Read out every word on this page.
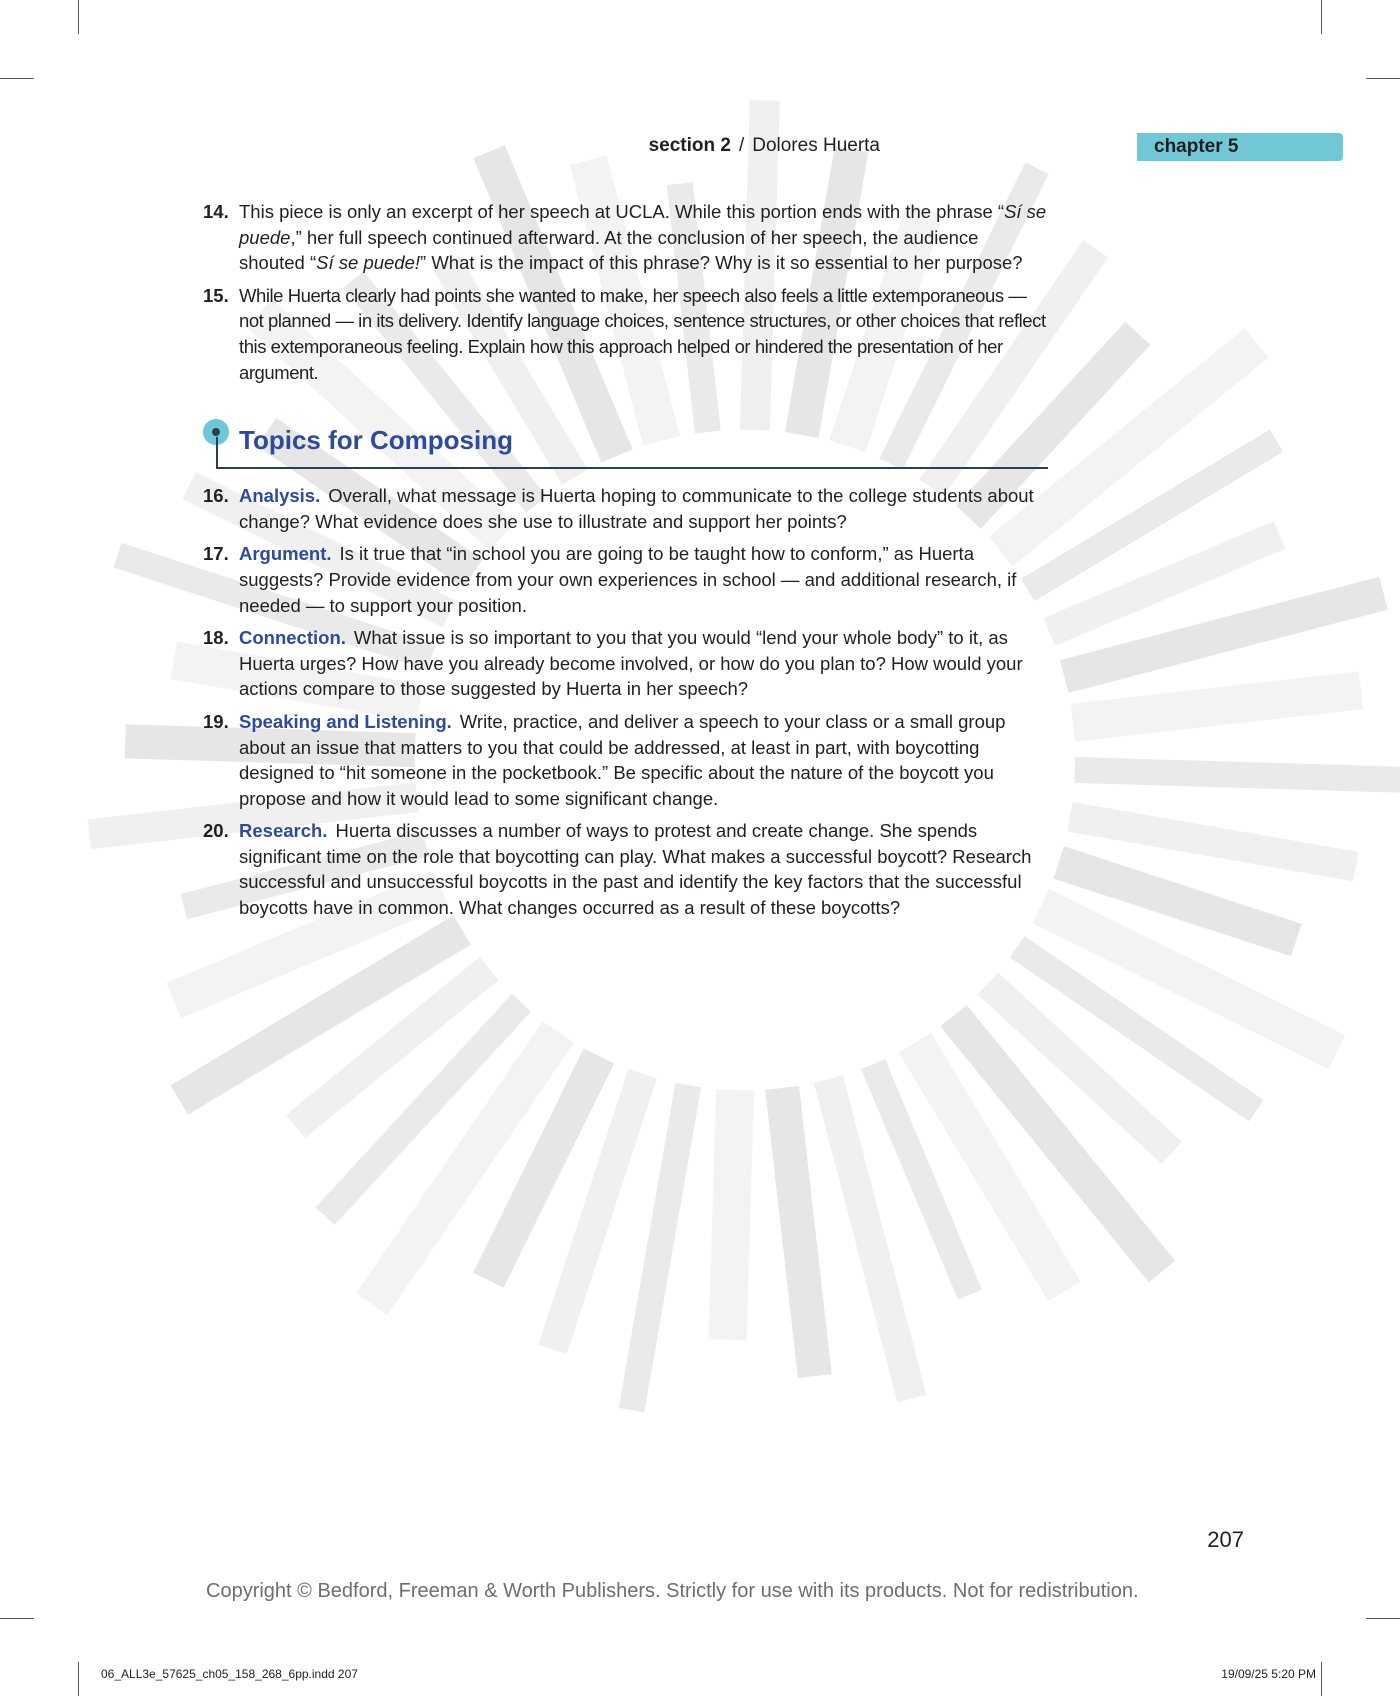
section 2 / Dolores Huerta	chapter 5
14. This piece is only an excerpt of her speech at UCLA. While this portion ends with the phrase “Sí se puede,” her full speech continued afterward. At the conclusion of her speech, the audience shouted “Sí se puede!” What is the impact of this phrase? Why is it so essential to her purpose?
15. While Huerta clearly had points she wanted to make, her speech also feels a little extemporaneous — not planned — in its delivery. Identify language choices, sentence structures, or other choices that reflect this extemporaneous feeling. Explain how this approach helped or hindered the presentation of her argument.
Topics for Composing
16. Analysis. Overall, what message is Huerta hoping to communicate to the college students about change? What evidence does she use to illustrate and support her points?
17. Argument. Is it true that “in school you are going to be taught how to conform,” as Huerta suggests? Provide evidence from your own experiences in school — and additional research, if needed — to support your position.
18. Connection. What issue is so important to you that you would “lend your whole body” to it, as Huerta urges? How have you already become involved, or how do you plan to? How would your actions compare to those suggested by Huerta in her speech?
19. Speaking and Listening. Write, practice, and deliver a speech to your class or a small group about an issue that matters to you that could be addressed, at least in part, with boycotting designed to “hit someone in the pocketbook.” Be specific about the nature of the boycott you propose and how it would lead to some significant change.
20. Research. Huerta discusses a number of ways to protest and create change. She spends significant time on the role that boycotting can play. What makes a successful boycott? Research successful and unsuccessful boycotts in the past and identify the key factors that the successful boycotts have in common. What changes occurred as a result of these boycotts?
207
Copyright © Bedford, Freeman & Worth Publishers. Strictly for use with its products. Not for redistribution.
06_ALL3e_57625_ch05_158_268_6pp.indd 207	19/09/25 5:20 PM
